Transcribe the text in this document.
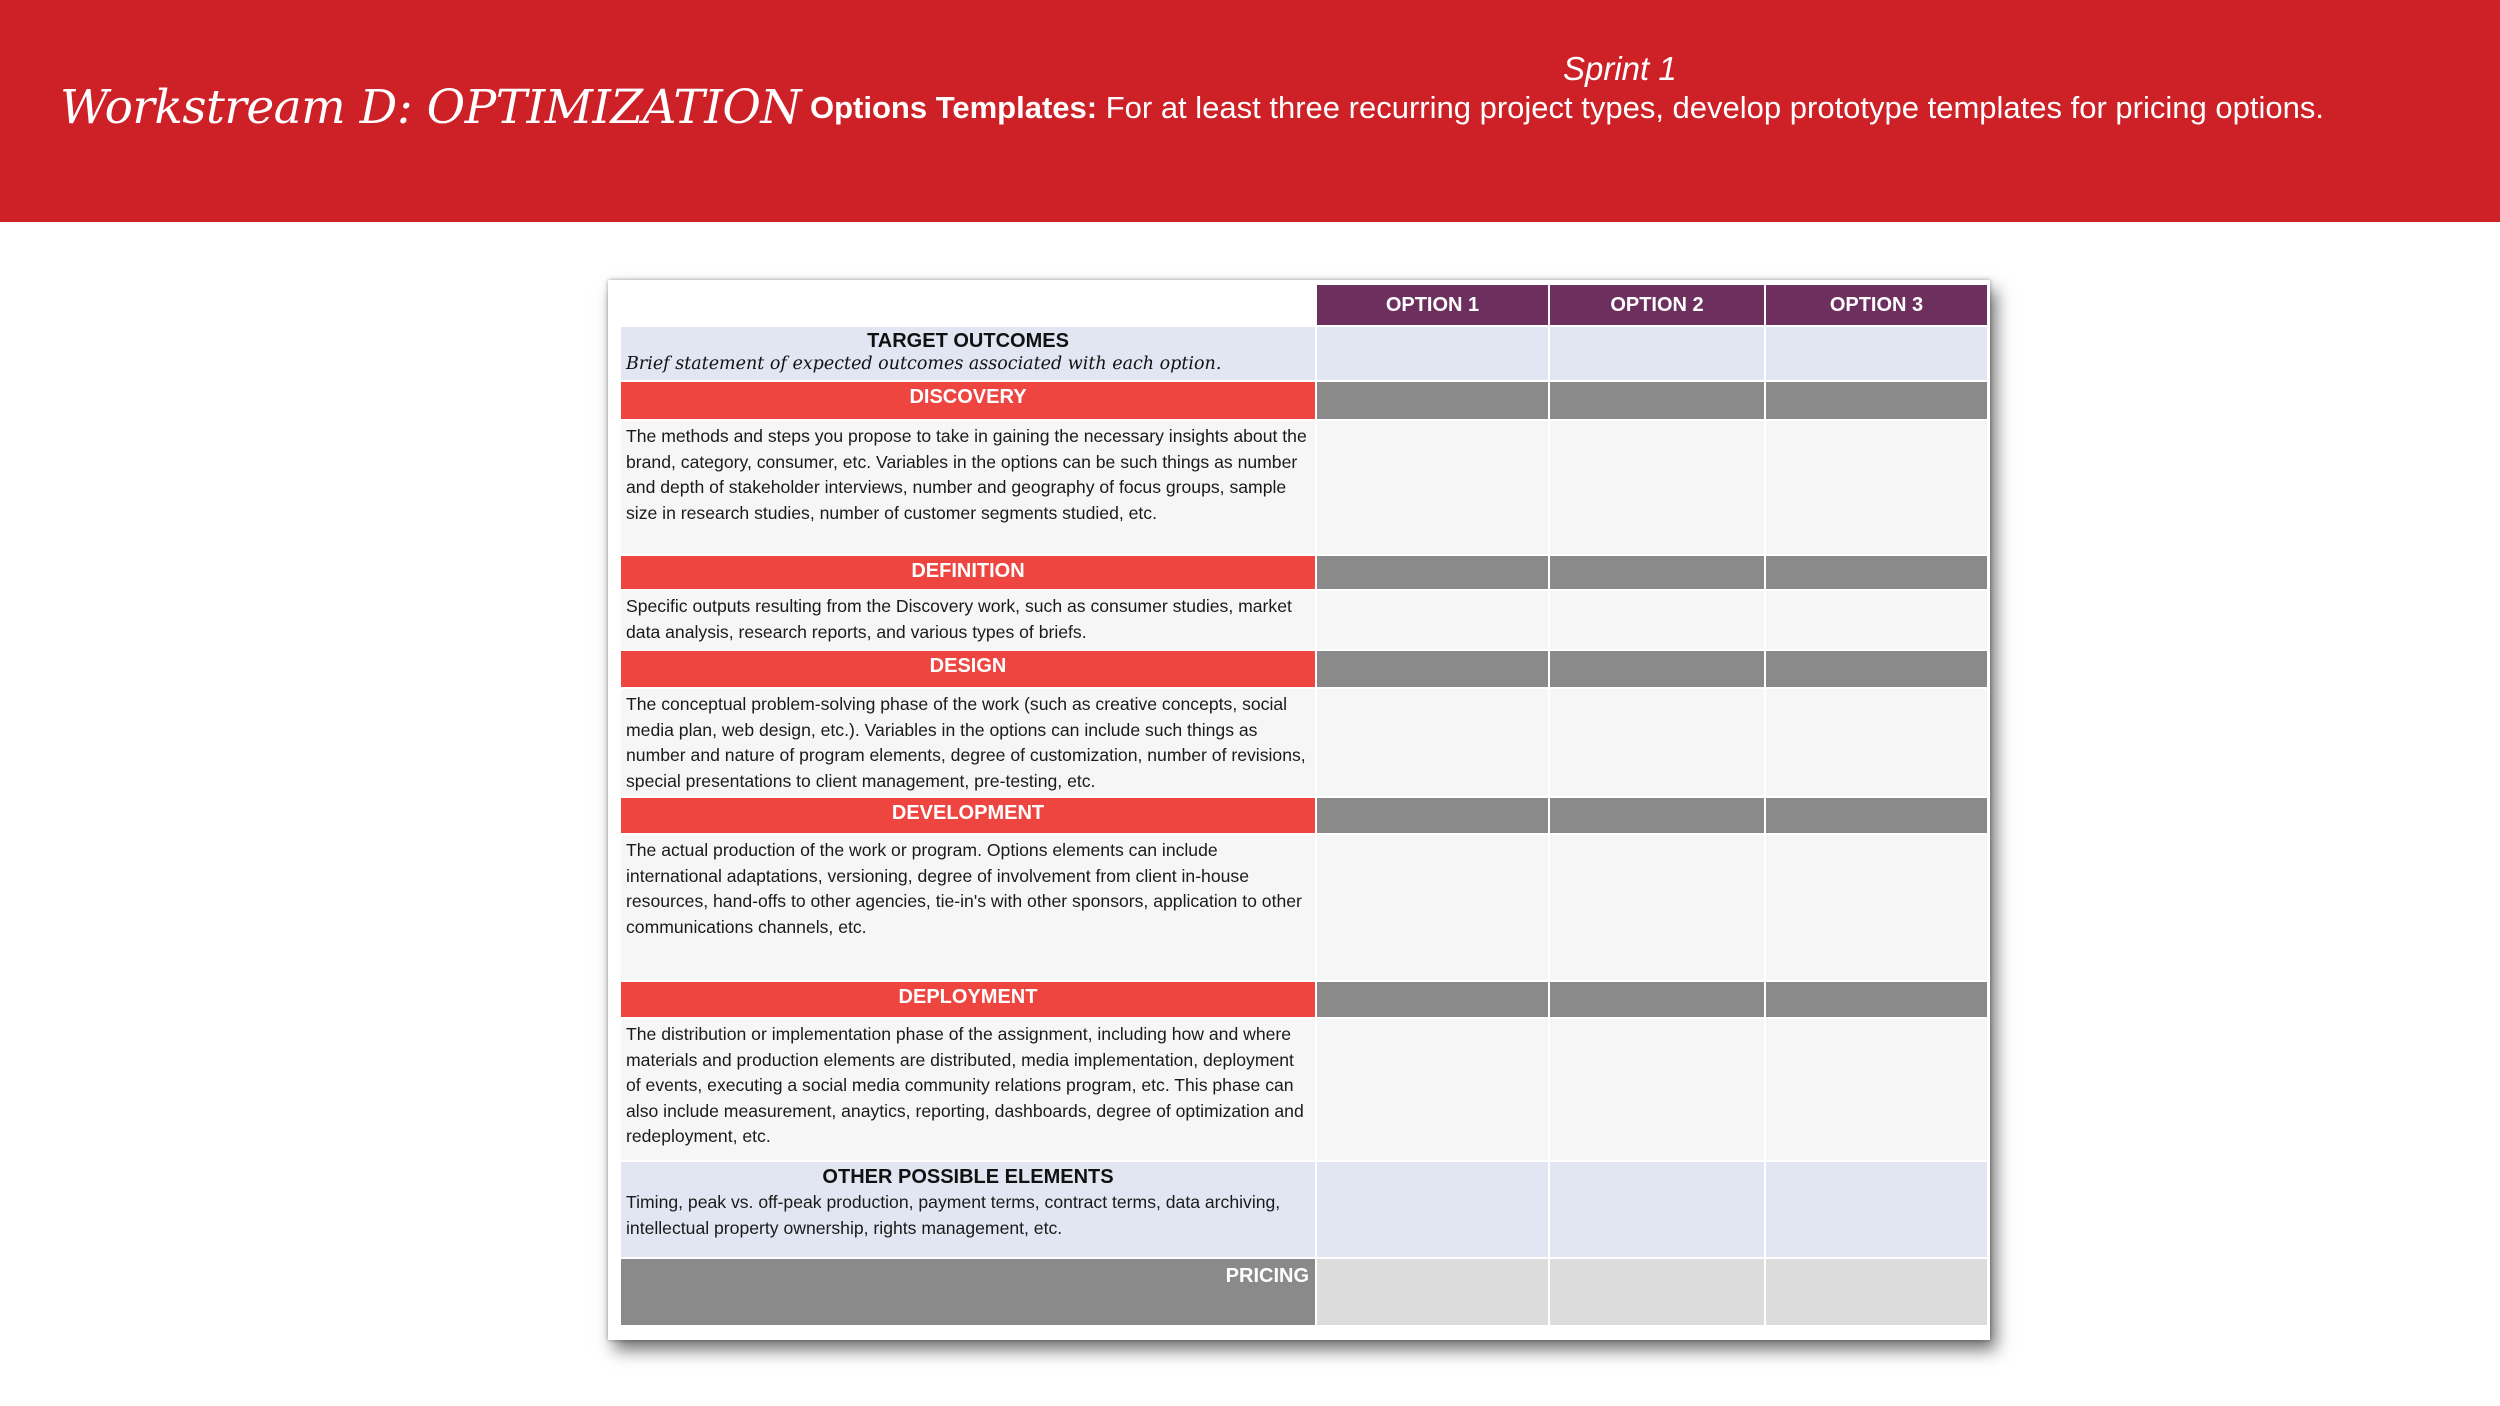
Workstream D: OPTIMIZATION
Sprint 1
Options Templates: For at least three recurring project types, develop prototype templates for pricing options.
OPTION 1	OPTION 2	OPTION 3
TARGET OUTCOMES
Brief statement of expected outcomes associated with each option.
DISCOVERY
The methods and steps you propose to take in gaining the necessary insights about the brand, category, consumer, etc. Variables in the options can be such things as number and depth of stakeholder interviews, number and geography of focus groups, sample size in research studies, number of customer segments studied, etc.
DEFINITION
Specific outputs resulting from the Discovery work, such as consumer studies, market data analysis, research reports, and various types of briefs.
DESIGN
The conceptual problem-solving phase of the work (such as creative concepts, social media plan, web design, etc.). Variables in the options can include such things as number and nature of program elements, degree of customization, number of revisions, special presentations to client management, pre-testing, etc.
DEVELOPMENT
The actual production of the work or program. Options elements can include international adaptations, versioning, degree of involvement from client in-house resources, hand-offs to other agencies, tie-in's with other sponsors, application to other communications channels, etc.
DEPLOYMENT
The distribution or implementation phase of the assignment, including how and where materials and production elements are distributed, media implementation, deployment of events, executing a social media community relations program, etc. This phase can also include measurement, anaytics, reporting, dashboards, degree of optimization and redeployment, etc.
OTHER POSSIBLE ELEMENTS
Timing, peak vs. off-peak production, payment terms, contract terms, data archiving, intellectual property ownership, rights management, etc.
PRICING
